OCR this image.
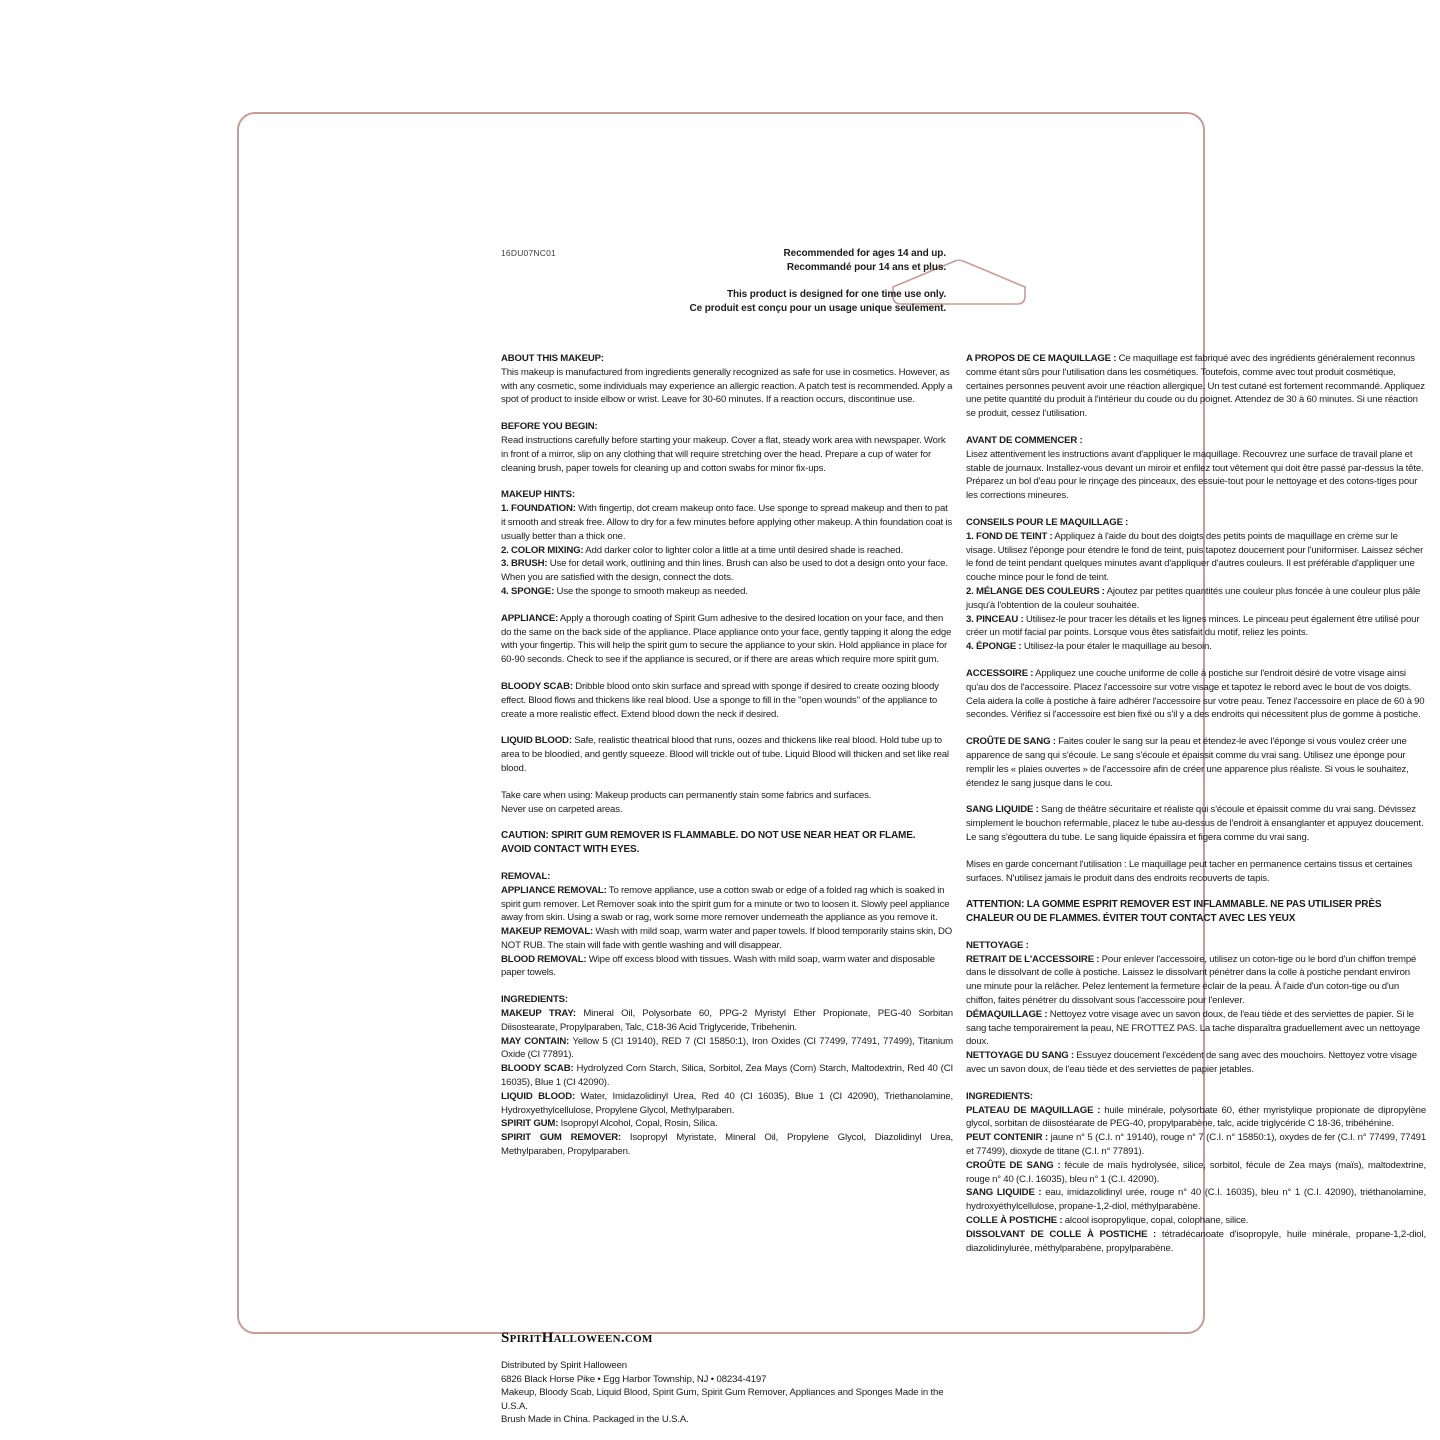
16DU07NC01	Recommended for ages 14 and up.
Recommandé pour 14 ans et plus.
This product is designed for one time use only.
Ce produit est conçu pour un usage unique seulement.
ABOUT THIS MAKEUP:
This makeup is manufactured from ingredients generally recognized as safe for use in cosmetics. However, as with any cosmetic, some individuals may experience an allergic reaction. A patch test is recommended. Apply a spot of product to inside elbow or wrist. Leave for 30-60 minutes. If a reaction occurs, discontinue use.
BEFORE YOU BEGIN:
Read instructions carefully before starting your makeup. Cover a flat, steady work area with newspaper. Work in front of a mirror, slip on any clothing that will require stretching over the head. Prepare a cup of water for cleaning brush, paper towels for cleaning up and cotton swabs for minor fix-ups.
MAKEUP HINTS:
1. FOUNDATION: With fingertip, dot cream makeup onto face. Use sponge to spread makeup and then to pat it smooth and streak free. Allow to dry for a few minutes before applying other makeup. A thin foundation coat is usually better than a thick one.
2. COLOR MIXING: Add darker color to lighter color a little at a time until desired shade is reached.
3. BRUSH: Use for detail work, outlining and thin lines. Brush can also be used to dot a design onto your face. When you are satisfied with the design, connect the dots.
4. SPONGE: Use the sponge to smooth makeup as needed.
APPLIANCE: Apply a thorough coating of Spirit Gum adhesive to the desired location on your face, and then do the same on the back side of the appliance. Place appliance onto your face, gently tapping it along the edge with your fingertip. This will help the spirit gum to secure the appliance to your skin. Hold appliance in place for 60-90 seconds. Check to see if the appliance is secured, or if there are areas which require more spirit gum.
BLOODY SCAB: Dribble blood onto skin surface and spread with sponge if desired to create oozing bloody effect. Blood flows and thickens like real blood. Use a sponge to fill in the "open wounds" of the appliance to create a more realistic effect. Extend blood down the neck if desired.
LIQUID BLOOD: Safe, realistic theatrical blood that runs, oozes and thickens like real blood. Hold tube up to area to be bloodied, and gently squeeze. Blood will trickle out of tube. Liquid Blood will thicken and set like real blood.
Take care when using: Makeup products can permanently stain some fabrics and surfaces.
Never use on carpeted areas.
CAUTION: SPIRIT GUM REMOVER IS FLAMMABLE. DO NOT USE NEAR HEAT OR FLAME.
AVOID CONTACT WITH EYES.
REMOVAL:
APPLIANCE REMOVAL: To remove appliance, use a cotton swab or edge of a folded rag which is soaked in spirit gum remover. Let Remover soak into the spirit gum for a minute or two to loosen it. Slowly peel appliance away from skin. Using a swab or rag, work some more remover underneath the appliance as you remove it.
MAKEUP REMOVAL: Wash with mild soap, warm water and paper towels. If blood temporarily stains skin, DO NOT RUB. The stain will fade with gentle washing and will disappear.
BLOOD REMOVAL: Wipe off excess blood with tissues. Wash with mild soap, warm water and disposable paper towels.
INGREDIENTS:
MAKEUP TRAY: Mineral Oil, Polysorbate 60, PPG-2 Myristyl Ether Propionate, PEG-40 Sorbitan Diisostearate, Propylparaben, Talc, C18-36 Acid Triglyceride, Tribehenin.
MAY CONTAIN: Yellow 5 (CI 19140), RED 7 (CI 15850:1), Iron Oxides (CI 77499, 77491, 77499), Titanium Oxide (CI 77891).
BLOODY SCAB: Hydrolyzed Corn Starch, Silica, Sorbitol, Zea Mays (Corn) Starch, Maltodextrin, Red 40 (CI 16035), Blue 1 (CI 42090).
LIQUID BLOOD: Water, Imidazolidinyl Urea, Red 40 (CI 16035), Blue 1 (CI 42090), Triethanolamine, Hydroxyethylcellulose, Propylene Glycol, Methylparaben.
SPIRIT GUM: Isopropyl Alcohol, Copal, Rosin, Silica.
SPIRIT GUM REMOVER: Isopropyl Myristate, Mineral Oil, Propylene Glycol, Diazolidinyl Urea, Methylparaben, Propylparaben.
A PROPOS DE CE MAQUILLAGE : Ce maquillage est fabriqué avec des ingrédients généralement reconnus comme étant sûrs pour l'utilisation dans les cosmétiques. Toutefois, comme avec tout produit cosmétique, certaines personnes peuvent avoir une réaction allergique. Un test cutané est fortement recommandé. Appliquez une petite quantité du produit à l'intérieur du coude ou du poignet. Attendez de 30 à 60 minutes. Si une réaction se produit, cessez l'utilisation.
AVANT DE COMMENCER :
Lisez attentivement les instructions avant d'appliquer le maquillage. Recouvrez une surface de travail plane et stable de journaux. Installez-vous devant un miroir et enfilez tout vêtement qui doit être passé par-dessus la tête. Préparez un bol d'eau pour le rinçage des pinceaux, des essuie-tout pour le nettoyage et des cotons-tiges pour les corrections mineures.
CONSEILS POUR LE MAQUILLAGE :
1. FOND DE TEINT : Appliquez à l'aide du bout des doigts des petits points de maquillage en crème sur le visage. Utilisez l'éponge pour étendre le fond de teint, puis tapotez doucement pour l'uniformiser. Laissez sécher le fond de teint pendant quelques minutes avant d'appliquer d'autres couleurs. Il est préférable d'appliquer une couche mince pour le fond de teint.
2. MÉLANGE DES COULEURS : Ajoutez par petites quantités une couleur plus foncée à une couleur plus pâle jusqu'à l'obtention de la couleur souhaitée.
3. PINCEAU : Utilisez-le pour tracer les détails et les lignes minces. Le pinceau peut également être utilisé pour créer un motif facial par points. Lorsque vous êtes satisfait du motif, reliez les points.
4. ÉPONGE : Utilisez-la pour étaler le maquillage au besoin.
ACCESSOIRE : Appliquez une couche uniforme de colle à postiche sur l'endroit désiré de votre visage ainsi qu'au dos de l'accessoire. Placez l'accessoire sur votre visage et tapotez le rebord avec le bout de vos doigts. Cela aidera la colle à postiche à faire adhérer l'accessoire sur votre peau. Tenez l'accessoire en place de 60 à 90 secondes. Vérifiez si l'accessoire est bien fixé ou s'il y a des endroits qui nécessitent plus de gomme à postiche.
CROÛTE DE SANG : Faites couler le sang sur la peau et étendez-le avec l'éponge si vous voulez créer une apparence de sang qui s'écoule. Le sang s'écoule et épaissit comme du vrai sang. Utilisez une éponge pour remplir les « plaies ouvertes » de l'accessoire afin de créer une apparence plus réaliste. Si vous le souhaitez, étendez le sang jusque dans le cou.
SANG LIQUIDE : Sang de théâtre sécuritaire et réaliste qui s'écoule et épaissit comme du vrai sang. Dévissez simplement le bouchon refermable, placez le tube au-dessus de l'endroit à ensanglanter et appuyez doucement. Le sang s'égouttera du tube. Le sang liquide épaissira et figera comme du vrai sang.
Mises en garde concernant l'utilisation : Le maquillage peut tacher en permanence certains tissus et certaines surfaces. N'utilisez jamais le produit dans des endroits recouverts de tapis.
ATTENTION: LA GOMME ESPRIT REMOVER EST INFLAMMABLE. NE PAS UTILISER PRÈS CHALEUR OU DE FLAMMES. ÉVITER TOUT CONTACT AVEC LES YEUX
NETTOYAGE :
RETRAIT DE L'ACCESSOIRE : Pour enlever l'accessoire, utilisez un coton-tige ou le bord d'un chiffon trempé dans le dissolvant de colle à postiche. Laissez le dissolvant pénétrer dans la colle à postiche pendant environ une minute pour la relâcher. Pelez lentement la fermeture éclair de la peau. À l'aide d'un coton-tige ou d'un chiffon, faites pénétrer du dissolvant sous l'accessoire pour l'enlever.
DÉMAQUILLAGE : Nettoyez votre visage avec un savon doux, de l'eau tiède et des serviettes de papier. Si le sang tache temporairement la peau, NE FROTTEZ PAS. La tache disparaîtra graduellement avec un nettoyage doux.
NETTOYAGE DU SANG : Essuyez doucement l'excédent de sang avec des mouchoirs. Nettoyez votre visage avec un savon doux, de l'eau tiède et des serviettes de papier jetables.
INGREDIENTS:
PLATEAU DE MAQUILLAGE : huile minérale, polysorbate 60, éther myristylique propionate de dipropylène glycol, sorbitan de diisostéarate de PEG-40, propylparabène, talc, acide triglycéride C 18-36, tribéhénine.
PEUT CONTENIR : jaune n° 5 (C.I. n° 19140), rouge n° 7 (C.I. n° 15850:1), oxydes de fer (C.I. n° 77499, 77491 et 77499), dioxyde de titane (C.I. n° 77891).
CROÛTE DE SANG : fécule de maïs hydrolysée, silice, sorbitol, fécule de Zea mays (maïs), maltodextrine, rouge n° 40 (C.I. 16035), bleu n° 1 (C.I. 42090).
SANG LIQUIDE : eau, imidazolidinyl urée, rouge n° 40 (C.I. 16035), bleu n° 1 (C.I. 42090), triéthanolamine, hydroxyéthylcellulose, propane-1,2-diol, méthylparabène.
COLLE À POSTICHE : alcool isopropylique, copal, colophane, silice.
DISSOLVANT DE COLLE À POSTICHE : tétradécanoate d'isopropyle, huile minérale, propane-1,2-diol, diazolidinylurée, méthylparabène, propylparabène.
SpiritHalloween.com
Distributed by Spirit Halloween
6826 Black Horse Pike • Egg Harbor Township, NJ • 08234-4197
Makeup, Bloody Scab, Liquid Blood, Spirit Gum, Spirit Gum Remover, Appliances and Sponges Made in the U.S.A.
Brush Made in China. Packaged in the U.S.A.
